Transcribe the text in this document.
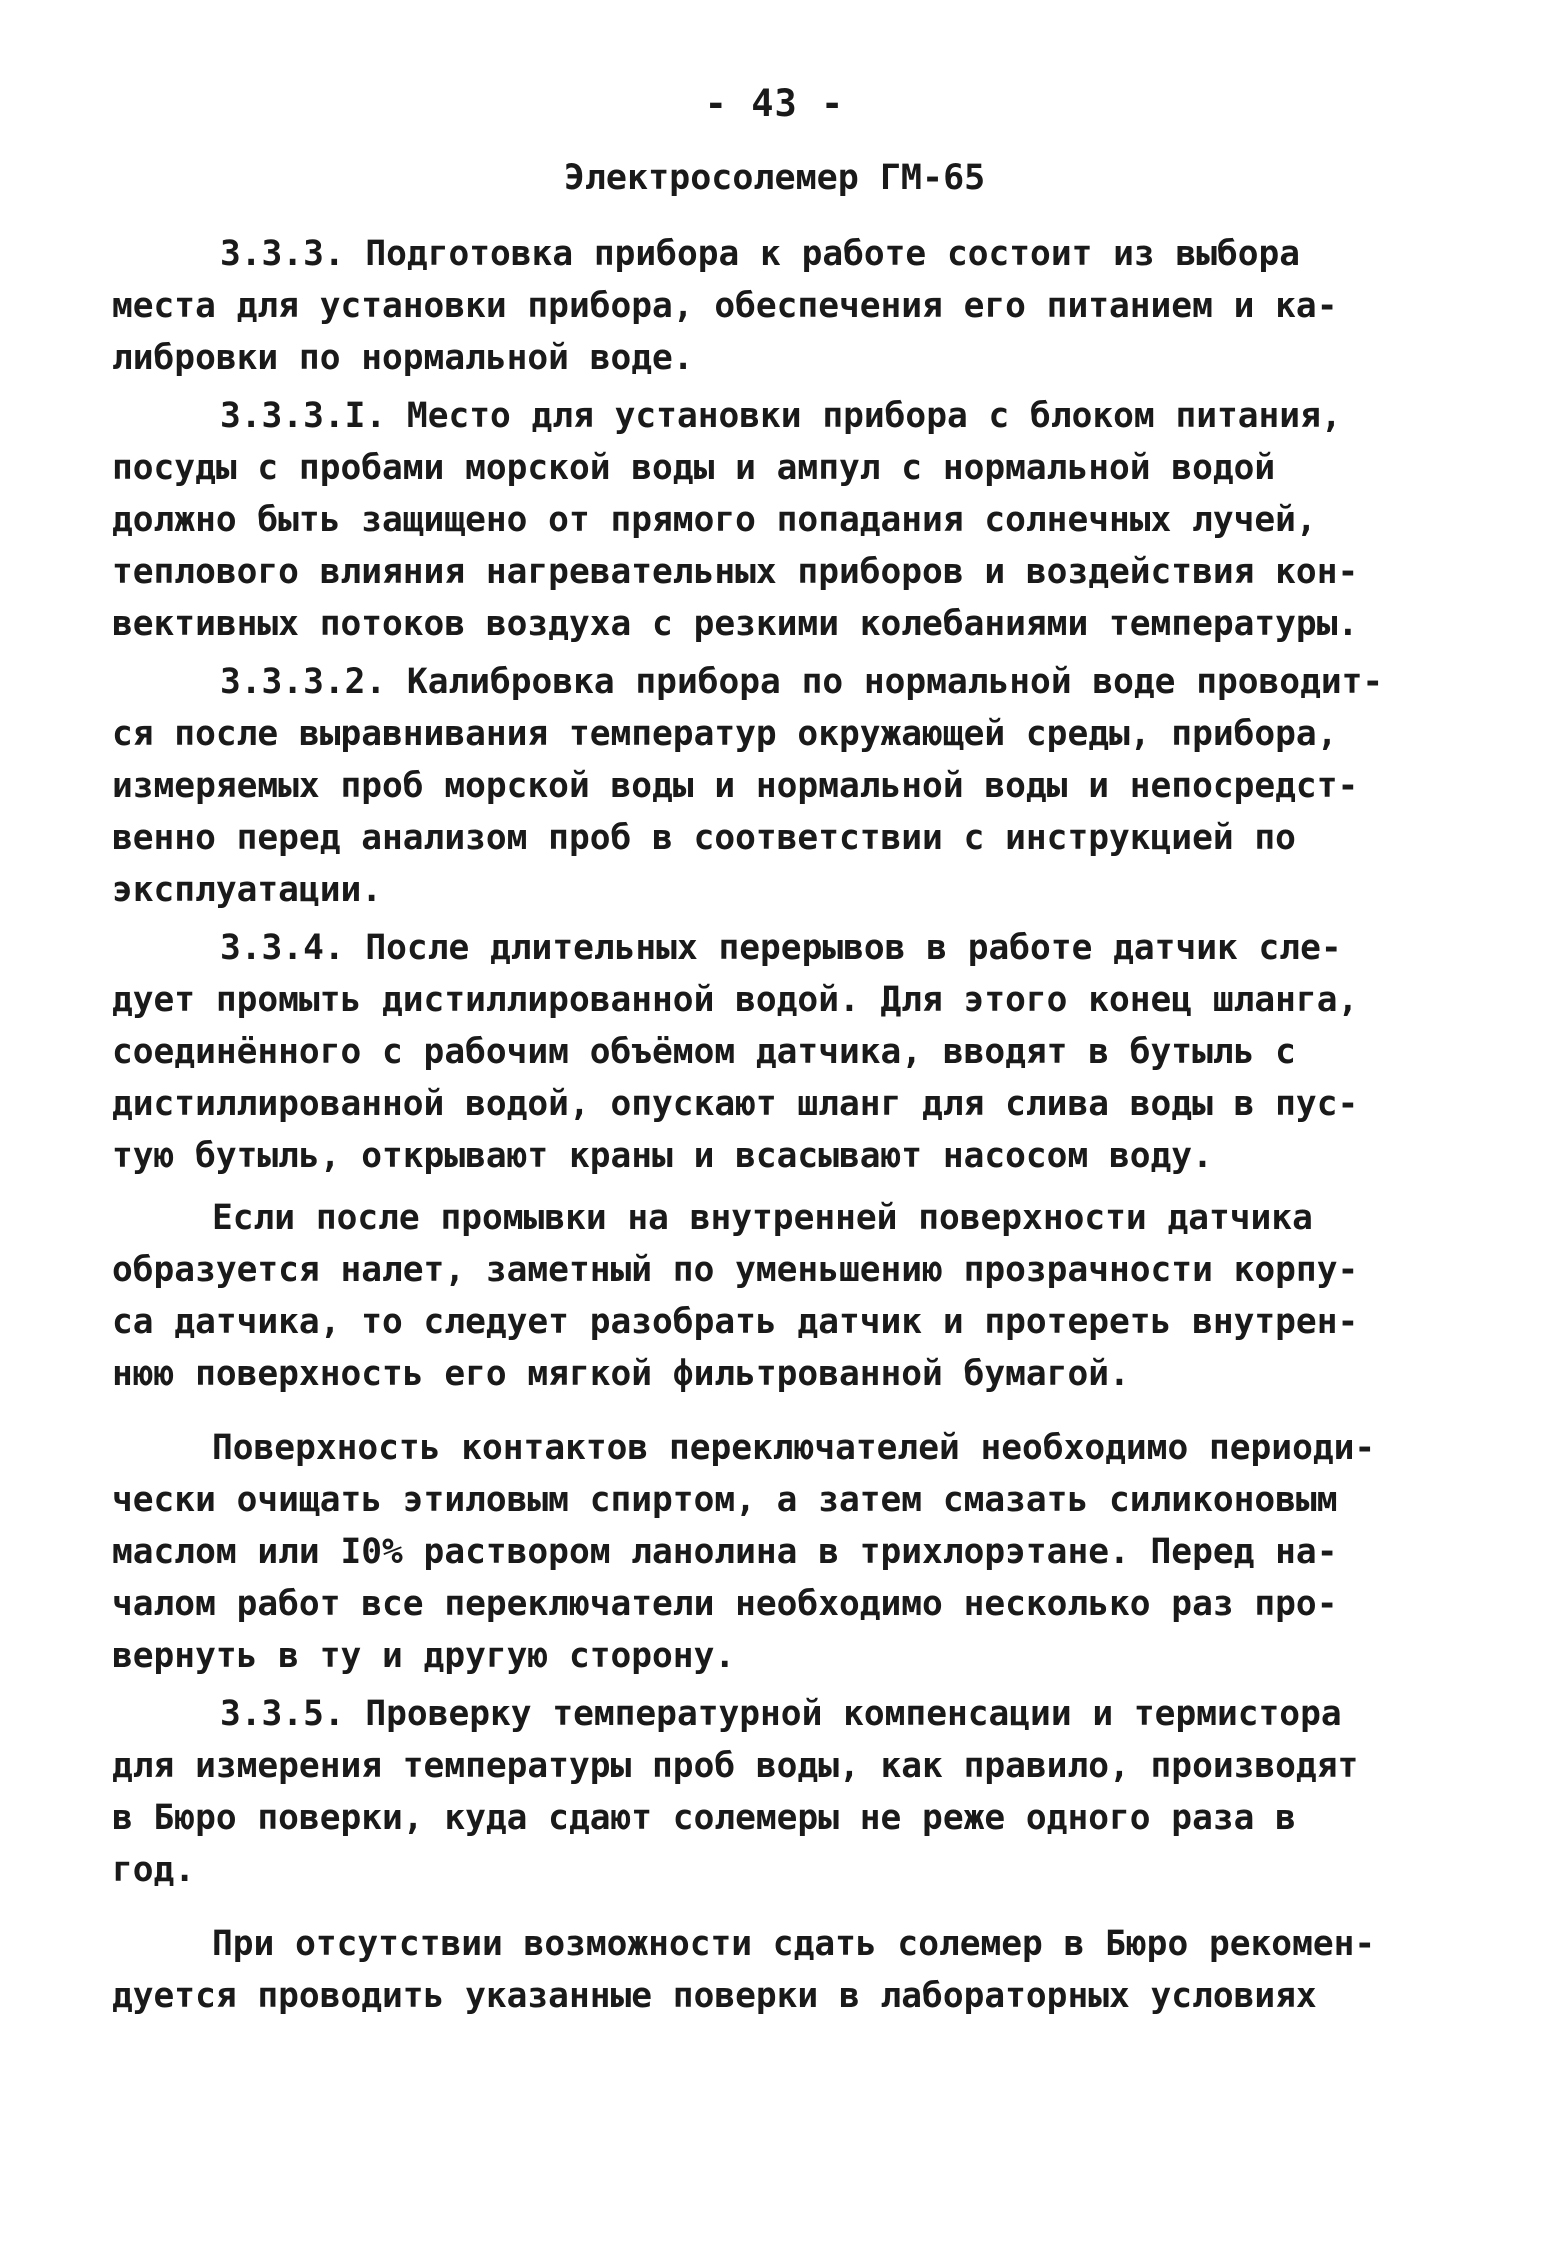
- 43 -
Электросолемер ГМ-65
3.3.3. Подготовка прибора к работе состоит из выбора
места для установки прибора, обеспечения его питанием и ка-
либровки по нормальной воде.
3.3.3.I. Место для установки прибора с блоком питания,
посуды с пробами морской воды и ампул с нормальной водой
должно быть защищено от прямого попадания солнечных лучей,
теплового влияния нагревательных приборов и воздействия кон-
вективных потоков воздуха с резкими колебаниями температуры.
3.3.3.2. Калибровка прибора по нормальной воде проводит-
ся после выравнивания температур окружающей среды, прибора,
измеряемых проб морской воды и нормальной воды и непосредст-
венно перед анализом проб в соответствии с инструкцией по
эксплуатации.
3.3.4. После длительных перерывов в работе датчик сле-
дует промыть дистиллированной водой. Для этого конец шланга,
соединённого с рабочим объёмом датчика, вводят в бутыль с
дистиллированной водой, опускают шланг для слива воды в пус-
тую бутыль, открывают краны и всасывают насосом воду.
Если после промывки на внутренней поверхности датчика
образуется налет, заметный по уменьшению прозрачности корпу-
са датчика, то следует разобрать датчик и протереть внутрен-
нюю поверхность его мягкой фильтрованной бумагой.
Поверхность контактов переключателей необходимо периоди-
чески очищать этиловым спиртом, а затем смазать силиконовым
маслом или I0% раствором ланолина в трихлорэтане. Перед на-
чалом работ все переключатели необходимо несколько раз про-
вернуть в ту и другую сторону.
3.3.5. Проверку температурной компенсации и термистора
для измерения температуры проб воды, как правило, производят
в Бюро поверки, куда сдают солемеры не реже одного раза в
год.
При отсутствии возможности сдать солемер в Бюро рекомен-
дуется проводить указанные поверки в лабораторных условиях
